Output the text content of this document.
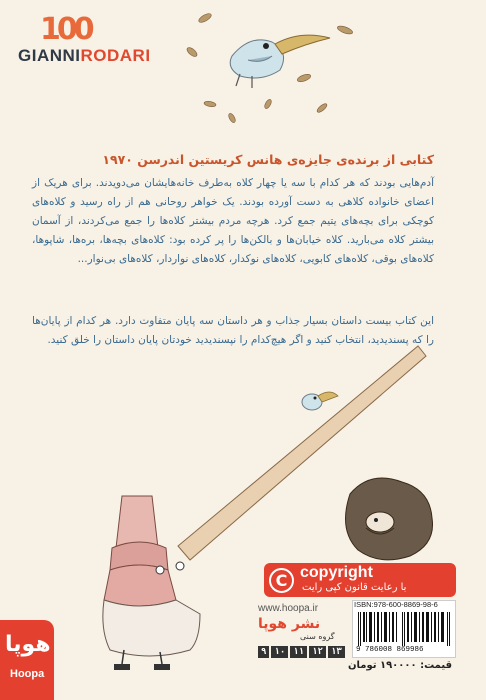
100
GIANNIRODARI
کتابی از برنده‌ی جایزه‌ی هانس کریستین اندرسن ۱۹۷۰
آدم‌هایی بودند که هر کدام با سه یا چهار کلاه به‌طرف خانه‌هایشان می‌دویدند. برای هریک از اعضای خانواده کلاهی به دست آورده بودند. یک خواهر روحانی هم از راه رسید و کلاه‌های کوچکی برای بچه‌های یتیم جمع کرد. هرچه مردم بیشتر کلاه‌ها را جمع می‌کردند، از آسمان بیشتر کلاه می‌بارید. کلاه خیابان‌ها و بالکن‌ها را پر کرده بود: کلاه‌های بچه‌ها، بره‌ها، شاپوها، کلاه‌های بوقی، کلاه‌های کابویی، کلاه‌های نوکدار، کلاه‌های نواردار، کلاه‌های بی‌نوار...
این کتاب بیست داستان بسیار جذاب و هر داستان سه پایان متفاوت دارد. هر کدام از پایان‌ها را که پسندیدید، انتخاب کنید و اگر هیچ‌کدام را نپسندیدید خودتان پایان داستان را خلق کنید.
C copyright
با رعایت قانون کپی رایت
www.hoopa.ir
نشر هوپا
گروه سنی
۹ ۱۰ ۱۱ ۱۲ ۱۳
ISBN:978-600-8869-98-6
9 786008 869986
قیمت: ۱۹۰۰۰۰ تومان
هوپا
Hoopa
